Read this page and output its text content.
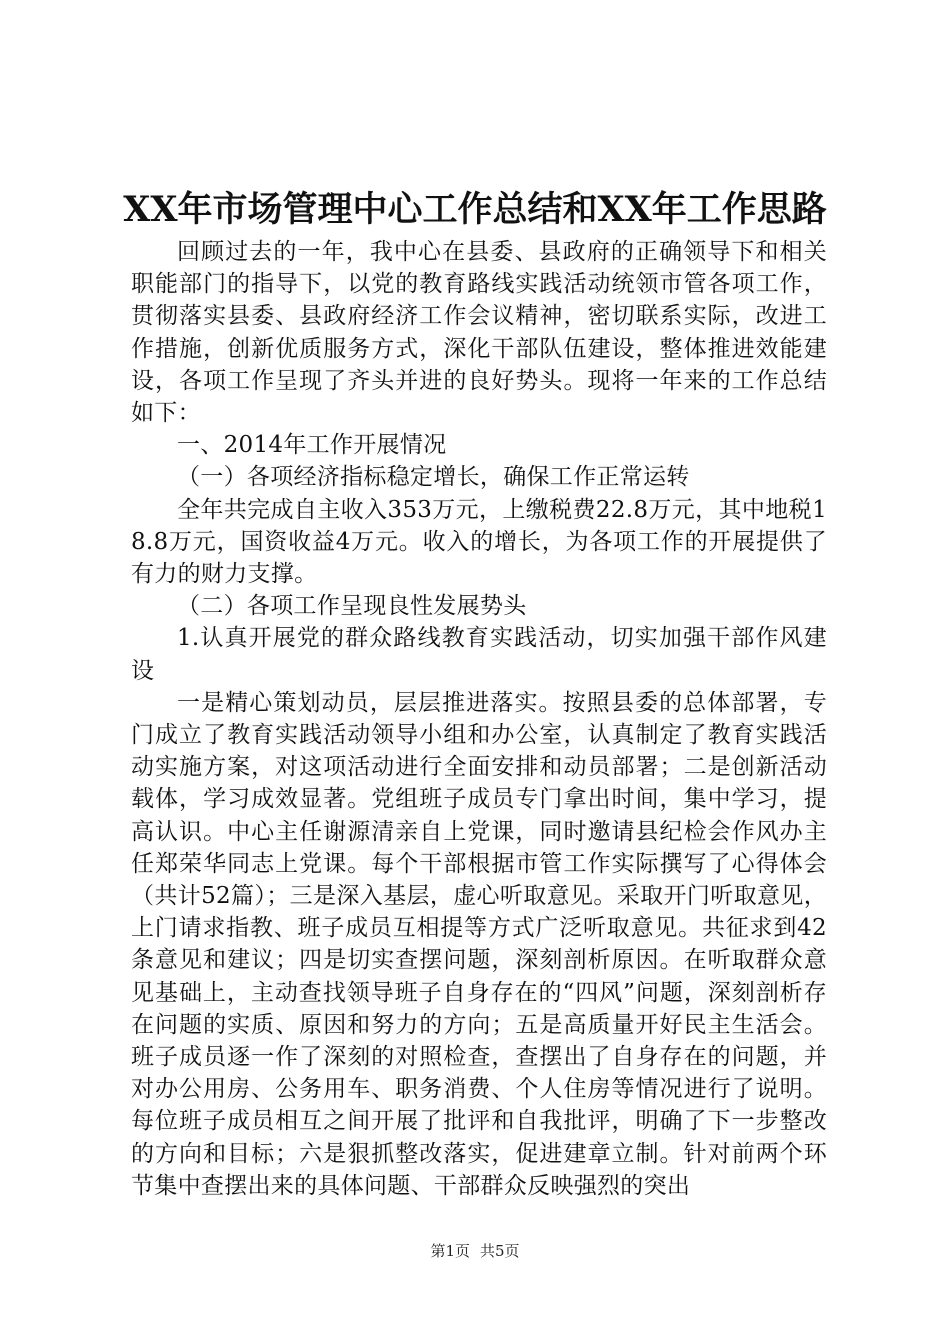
XX年市场管理中心工作总结和XX年工作思路

回顾过去的一年，我中心在县委、县政府的正确领导下和相关职能部门的指导下，以党的教育路线实践活动统领市管各项工作，贯彻落实县委、县政府经济工作会议精神，密切联系实际，改进工作措施，创新优质服务方式，深化干部队伍建设，整体推进效能建设，各项工作呈现了齐头并进的良好势头。现将一年来的工作总结如下：

一、2014年工作开展情况

（一）各项经济指标稳定增长，确保工作正常运转

全年共完成自主收入353万元，上缴税费22.8万元，其中地税18.8万元，国资收益4万元。收入的增长，为各项工作的开展提供了有力的财力支撑。

（二）各项工作呈现良性发展势头

1.认真开展党的群众路线教育实践活动，切实加强干部作风建设

一是精心策划动员，层层推进落实。按照县委的总体部署，专门成立了教育实践活动领导小组和办公室，认真制定了教育实践活动实施方案，对这项活动进行全面安排和动员部署；二是创新活动载体，学习成效显著。党组班子成员专门拿出时间，集中学习，提高认识。中心主任谢源清亲自上党课，同时邀请县纪检会作风办主任郑荣华同志上党课。每个干部根据市管工作实际撰写了心得体会（共计52篇）；三是深入基层，虚心听取意见。采取开门听取意见，上门请求指教、班子成员互相提等方式广泛听取意见。共征求到42条意见和建议；四是切实查摆问题，深刻剖析原因。在听取群众意见基础上，主动查找领导班子自身存在的“四风”问题，深刻剖析存在问题的实质、原因和努力的方向；五是高质量开好民主生活会。班子成员逐一作了深刻的对照检查，查摆出了自身存在的问题，并对办公用房、公务用车、职务消费、个人住房等情况进行了说明。每位班子成员相互之间开展了批评和自我批评，明确了下一步整改的方向和目标；六是狠抓整改落实，促进建章立制。针对前两个环节集中查摆出来的具体问题、干部群众反映强烈的突出

第1页 共5页
